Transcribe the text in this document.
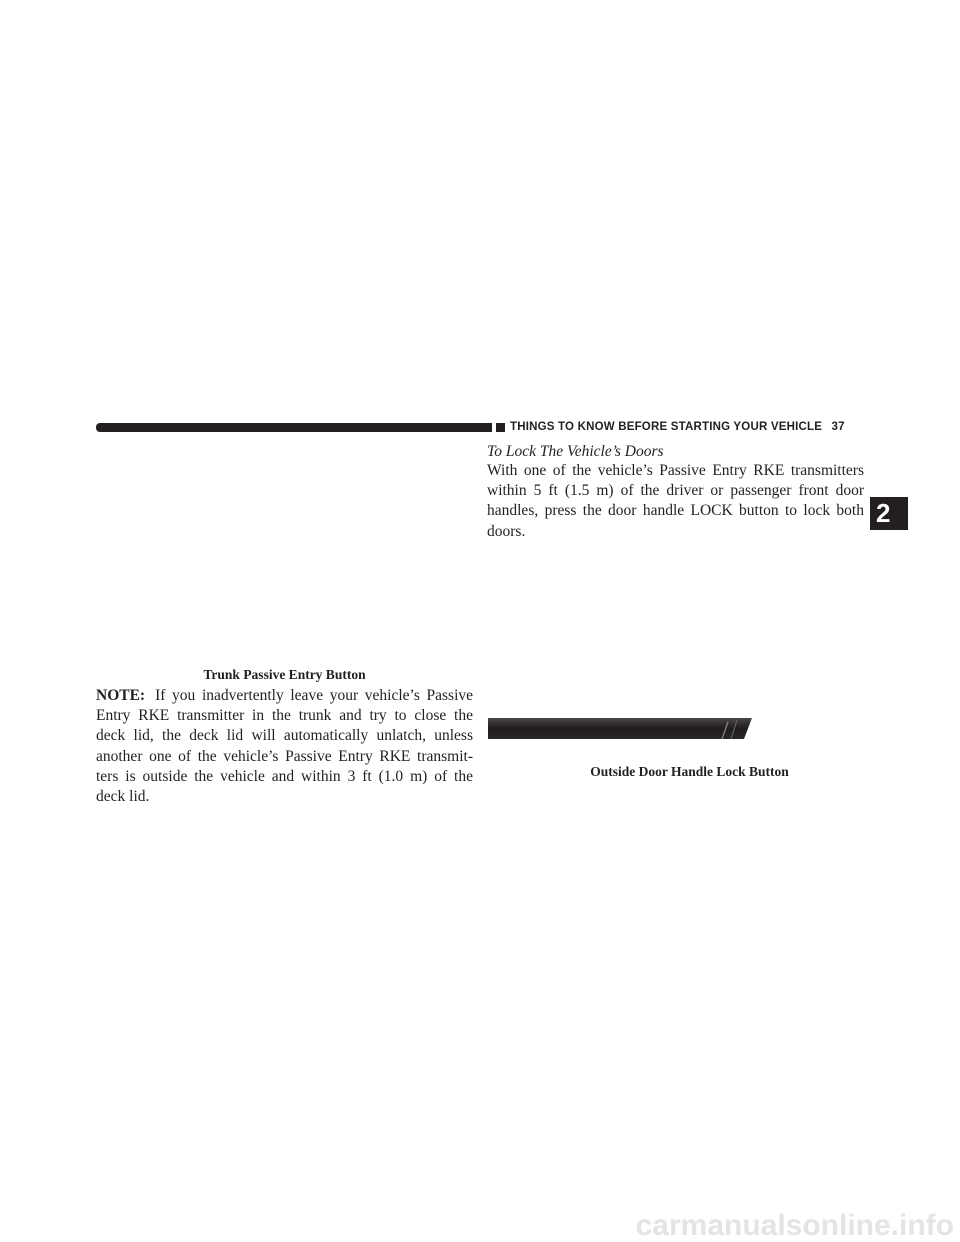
THINGS TO KNOW BEFORE STARTING YOUR VEHICLE 37
2
To Lock The Vehicle’s Doors
With one of the vehicle’s Passive Entry RKE transmitters
within 5 ft (1.5 m) of the driver or passenger front door
handles, press the door handle LOCK button to lock both
doors.
Trunk Passive Entry Button
NOTE: If you inadvertently leave your vehicle’s Passive
Entry RKE transmitter in the trunk and try to close the
deck lid, the deck lid will automatically unlatch, unless
another one of the vehicle’s Passive Entry RKE transmit-
ters is outside the vehicle and within 3 ft (1.0 m) of the
deck lid.
Outside Door Handle Lock Button
carmanualsonline.info
